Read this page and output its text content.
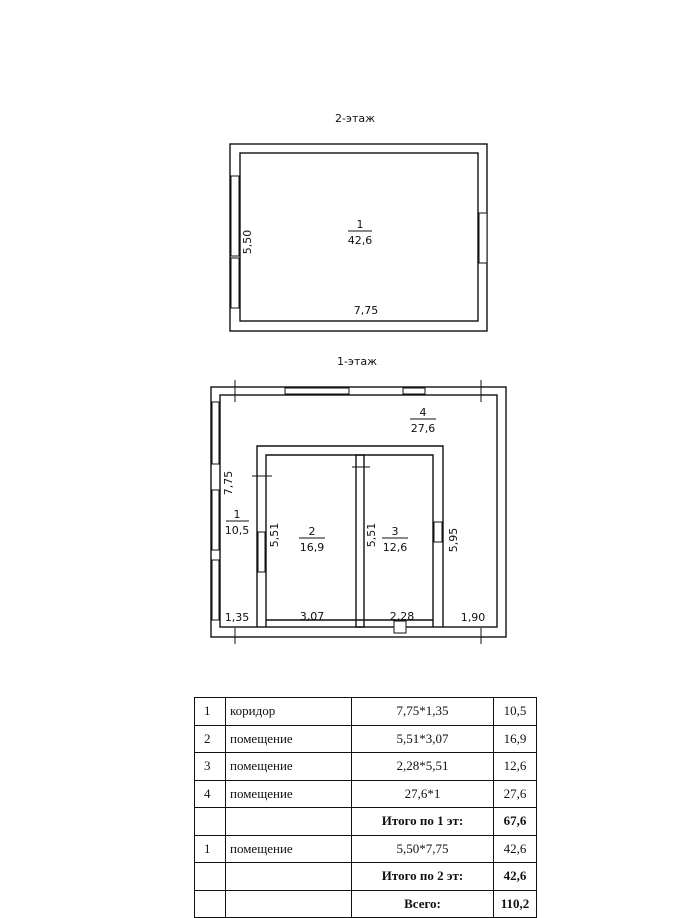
2-этаж
1
42,6
7,75
5,50
1-этаж
4
27,6
1
10,5	2
16,9
3
12,6
7,75
1,35
5,51
3,07
5,51
2,28
5,95
1,90
1	коридор	7,75*1,35	10,5
2	помещение	5,51*3,07	16,9
3	помещение	2,28*5,51	12,6
4	помещение	27,6*1	27,6
		Итого по 1 эт:	67,6
1	помещение	5,50*7,75	42,6
		Итого по 2 эт:	42,6
		Всего:	110,2
